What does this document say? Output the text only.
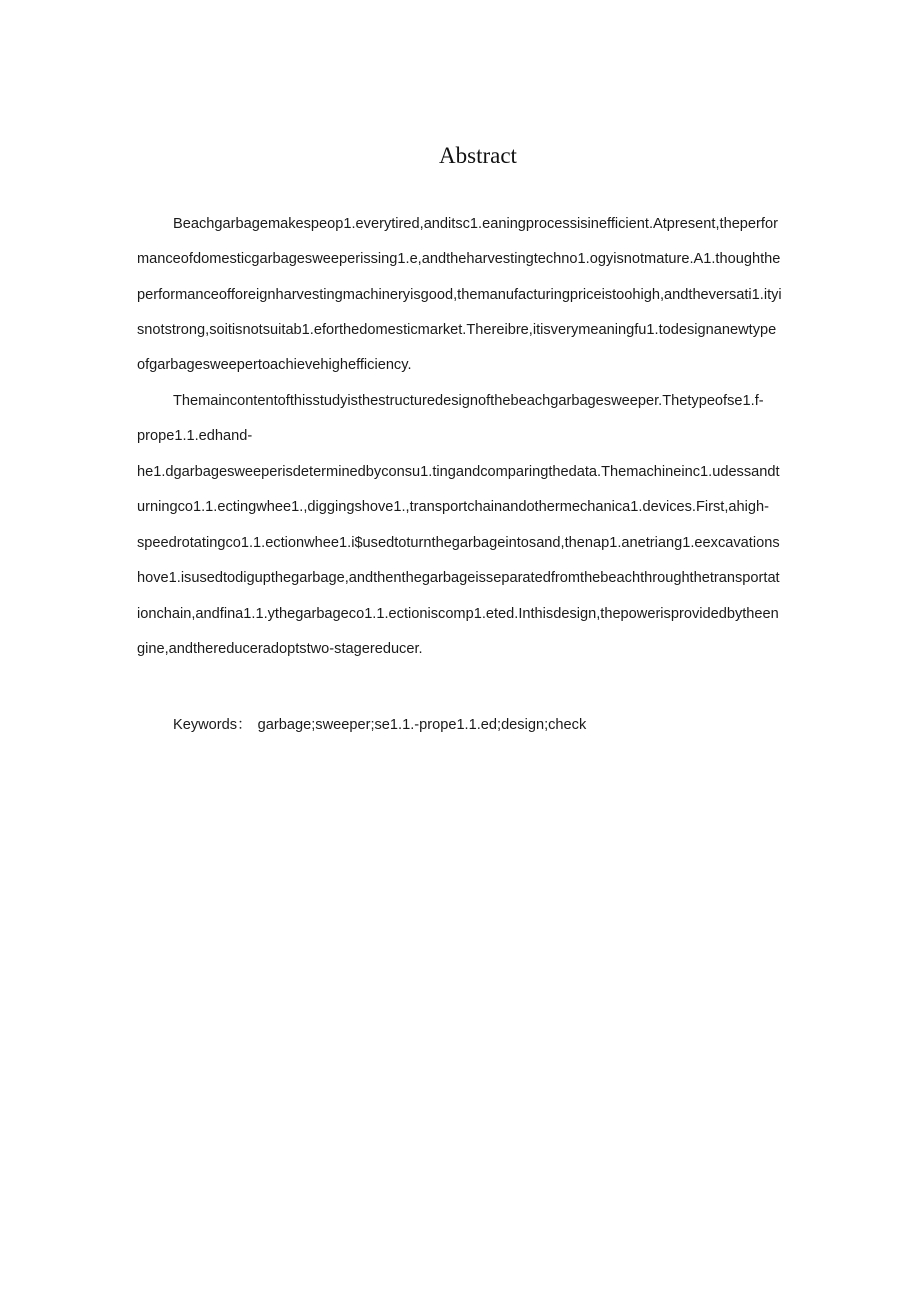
Abstract
Beachgarbagemakespeop1.everytired,anditsc1.eaningprocessisinefficient.Atpresent,theperfor
manceofdomesticgarbagesweeperissing1.e,andtheharvestingtechno1.ogyisnotmature.A1.thoughthe
performanceofforeignharvestingmachineryisgood,themanufacturingpriceistoohigh,andtheversati1.ityi
snotstrong,soitisnotsuitab1.eforthedomesticmarket.Thereibre,itisverymeaningfu1.todesignanewtype
ofgarbagesweepertoachievehighefficiency.
Themaincontentofthisstudyisthestructuredesignofthebeachgarbagesweeper.Thetypeofse1.f-
prope1.1.edhand-
he1.dgarbagesweeperisdeterminedbyconsu1.tingandcomparingthedata.Themachineinc1.udessandt
urningco1.1.ectingwhee1.,diggingshove1.,transportchainandothermechanica1.devices.First,ahigh-
speedrotatingco1.1.ectionwhee1.i$usedtoturnthegarbageintosand,thenap1.anetriang1.eexcavations
hove1.isusedtodigupthegarbage,andthenthegarbageisseparatedfromthebeachthroughthetransportat
ionchain,andfina1.1.ythegarbageco1.1.ectioniscomp1.eted.Inthisdesign,thepowerisprovidedbytheen
gine,andthereduceradoptstwo-stagereducer.
Keywords： garbage;sweeper;se1.1.-prope1.1.ed;design;check
